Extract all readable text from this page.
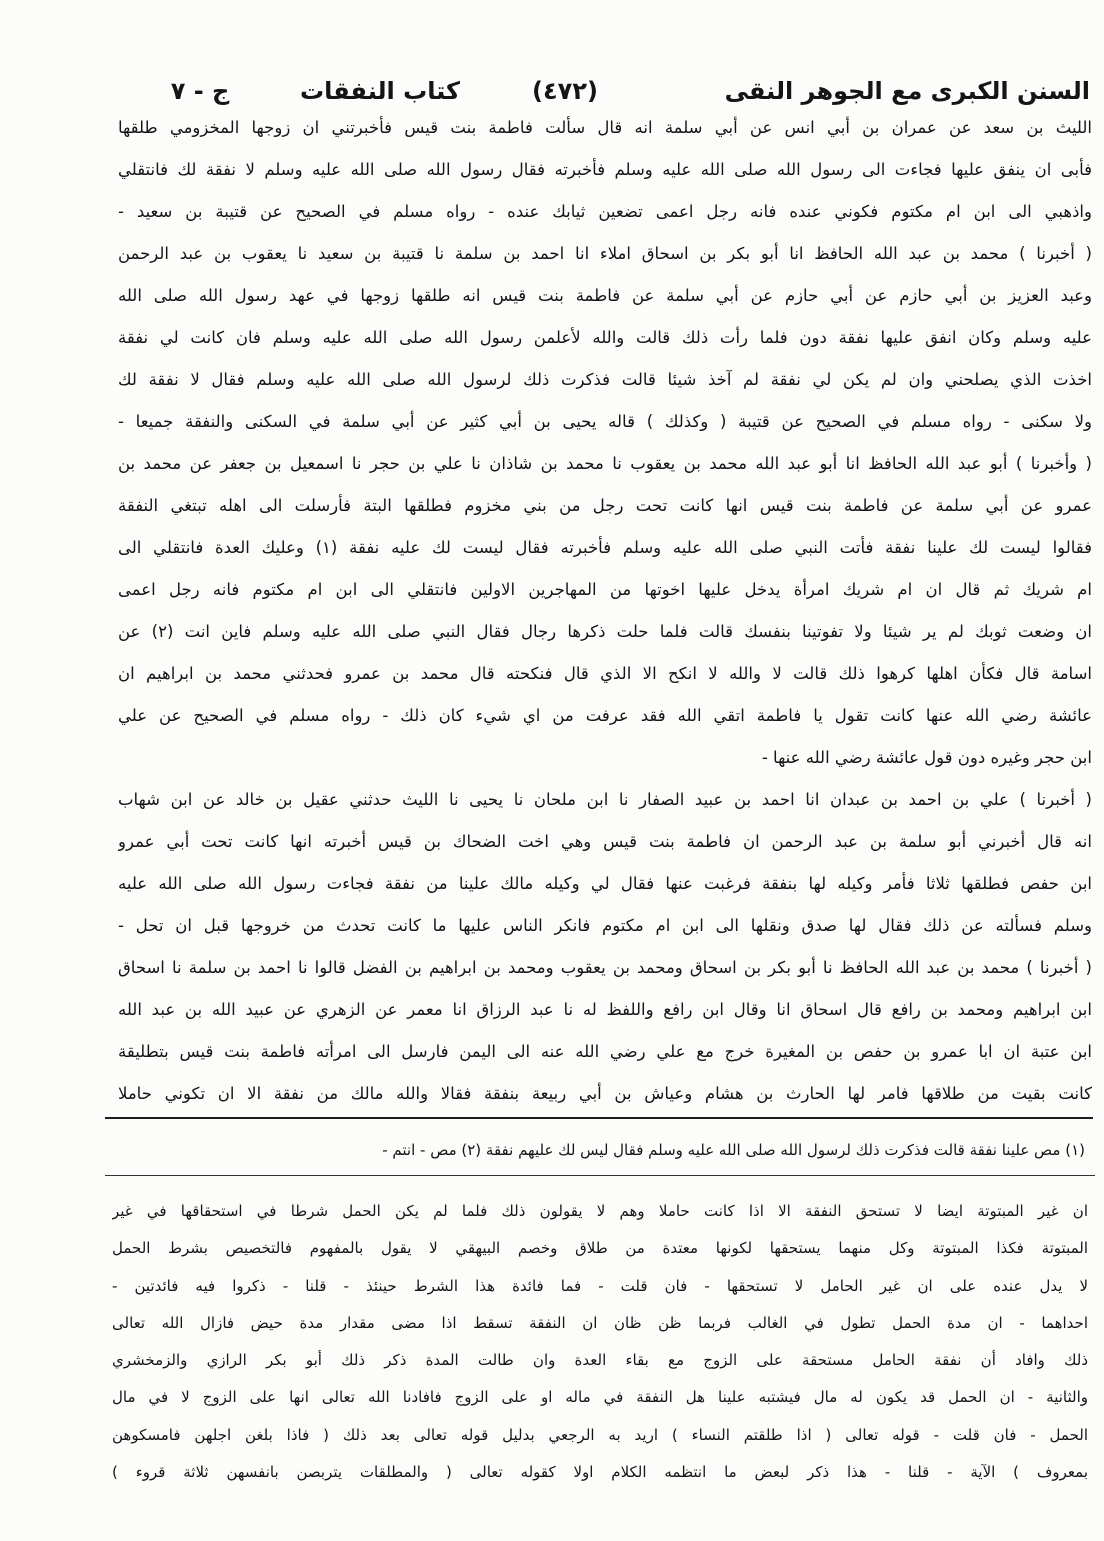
السنن الكبرى مع الجوهر النقى
(٤٧٢)
كتاب النفقات
ج - ٧
الليث بن سعد عن عمران بن أبي انس عن أبي سلمة انه قال سألت فاطمة بنت قيس فأخبرتني ان زوجها المخزومي طلقها
فأبى ان ينفق عليها فجاءت الى رسول الله صلى الله عليه وسلم فأخبرته فقال رسول الله صلى الله عليه وسلم لا نفقة لك فانتقلي
واذهبي الى ابن ام مكتوم فكوني عنده فانه رجل اعمى تضعين ثيابك عنده - رواه مسلم في الصحيح عن قتيبة بن سعيد -
( أخبرنا ) محمد بن عبد الله الحافظ انا أبو بكر بن اسحاق املاء انا احمد بن سلمة نا قتيبة بن سعيد نا يعقوب بن عبد الرحمن
وعبد العزيز بن أبي حازم عن أبي حازم عن أبي سلمة عن فاطمة بنت قيس انه طلقها زوجها في عهد رسول الله صلى الله
عليه وسلم وكان انفق عليها نفقة دون فلما رأت ذلك قالت والله لأعلمن رسول الله صلى الله عليه وسلم فان كانت لي نفقة
اخذت الذي يصلحني وان لم يكن لي نفقة لم آخذ شيئا قالت فذكرت ذلك لرسول الله صلى الله عليه وسلم فقال لا نفقة لك
ولا سكنى - رواه مسلم في الصحيح عن قتيبة ( وكذلك ) قاله يحيى بن أبي كثير عن أبي سلمة في السكنى والنفقة جميعا -
( وأخبرنا ) أبو عبد الله الحافظ انا أبو عبد الله محمد بن يعقوب نا محمد بن شاذان نا علي بن حجر نا اسمعيل بن جعفر عن محمد بن
عمرو عن أبي سلمة عن فاطمة بنت قيس انها كانت تحت رجل من بني مخزوم فطلقها البتة فأرسلت الى اهله تبتغي النفقة
فقالوا ليست لك علينا نفقة فأتت النبي صلى الله عليه وسلم فأخبرته فقال ليست لك عليه نفقة (١) وعليك العدة فانتقلي الى
ام شريك ثم قال ان ام شريك امرأة يدخل عليها اخوتها من المهاجرين الاولين فانتقلي الى ابن ام مكتوم فانه رجل اعمى
ان وضعت ثوبك لم ير شيئا ولا تفوتينا بنفسك قالت فلما حلت ذكرها رجال فقال النبي صلى الله عليه وسلم فاين انت (٢) عن
اسامة قال فكأن اهلها كرهوا ذلك قالت لا والله لا انكح الا الذي قال فنكحته قال محمد بن عمرو فحدثني محمد بن ابراهيم ان
عائشة رضي الله عنها كانت تقول يا فاطمة اتقي الله فقد عرفت من اي شيء كان ذلك - رواه مسلم في الصحيح عن علي
ابن حجر وغيره دون قول عائشة رضي الله عنها -
( أخبرنا ) علي بن احمد بن عبدان انا احمد بن عبيد الصفار نا ابن ملحان نا يحيى نا الليث حدثني عقيل بن خالد عن ابن شهاب
انه قال أخبرني أبو سلمة بن عبد الرحمن ان فاطمة بنت قيس وهي اخت الضحاك بن قيس أخبرته انها كانت تحت أبي عمرو
ابن حفص فطلقها ثلاثا فأمر وكيله لها بنفقة فرغبت عنها فقال لي وكيله مالك علينا من نفقة فجاءت رسول الله صلى الله عليه
وسلم فسألته عن ذلك فقال لها صدق ونقلها الى ابن ام مكتوم فانكر الناس عليها ما كانت تحدث من خروجها قبل ان تحل -
( أخبرنا ) محمد بن عبد الله الحافظ نا أبو بكر بن اسحاق ومحمد بن يعقوب ومحمد بن ابراهيم بن الفضل قالوا نا احمد بن سلمة نا اسحاق
ابن ابراهيم ومحمد بن رافع قال اسحاق انا وقال ابن رافع واللفظ له نا عبد الرزاق انا معمر عن الزهري عن عبيد الله بن عبد الله
ابن عتبة ان ابا عمرو بن حفص بن المغيرة خرج مع علي رضي الله عنه الى اليمن فارسل الى امرأته فاطمة بنت قيس بتطليقة
كانت بقيت من طلاقها فامر لها الحارث بن هشام وعياش بن أبي ربيعة بنفقة فقالا والله مالك من نفقة الا ان تكوني حاملا
(١) مص علينا نفقة قالت فذكرت ذلك لرسول الله صلى الله عليه وسلم فقال ليس لك عليهم نفقة (٢) مص - انتم -
ان غير المبتوتة ايضا لا تستحق النفقة الا اذا كانت حاملا وهم لا يقولون ذلك فلما لم يكن الحمل شرطا في استحقاقها في غير
المبتوتة فكذا المبتوتة وكل منهما يستحقها لكونها معتدة من طلاق وخصم البيهقي لا يقول بالمفهوم فالتخصيص بشرط الحمل
لا يدل عنده على ان غير الحامل لا تستحقها - فان قلت - فما فائدة هذا الشرط حينئذ - قلنا - ذكروا فيه فائدتين -
احداهما - ان مدة الحمل تطول في الغالب فربما ظن ظان ان النفقة تسقط اذا مضى مقدار مدة حيض فازال الله تعالى
ذلك وافاد أن نفقة الحامل مستحقة على الزوج مع بقاء العدة وان طالت المدة ذكر ذلك أبو بكر الرازي والزمخشري
والثانية - ان الحمل قد يكون له مال فيشتبه علينا هل النفقة في ماله او على الزوج فافادنا الله تعالى انها على الزوج لا في مال
الحمل - فان قلت - قوله تعالى ( اذا طلقتم النساء ) اريد به الرجعي بدليل قوله تعالى بعد ذلك ( فاذا بلغن اجلهن فامسكوهن
بمعروف ) الآية - قلنا - هذا ذكر لبعض ما انتظمه الكلام اولا كقوله تعالى ( والمطلقات يتربصن بانفسهن ثلاثة قروء )
